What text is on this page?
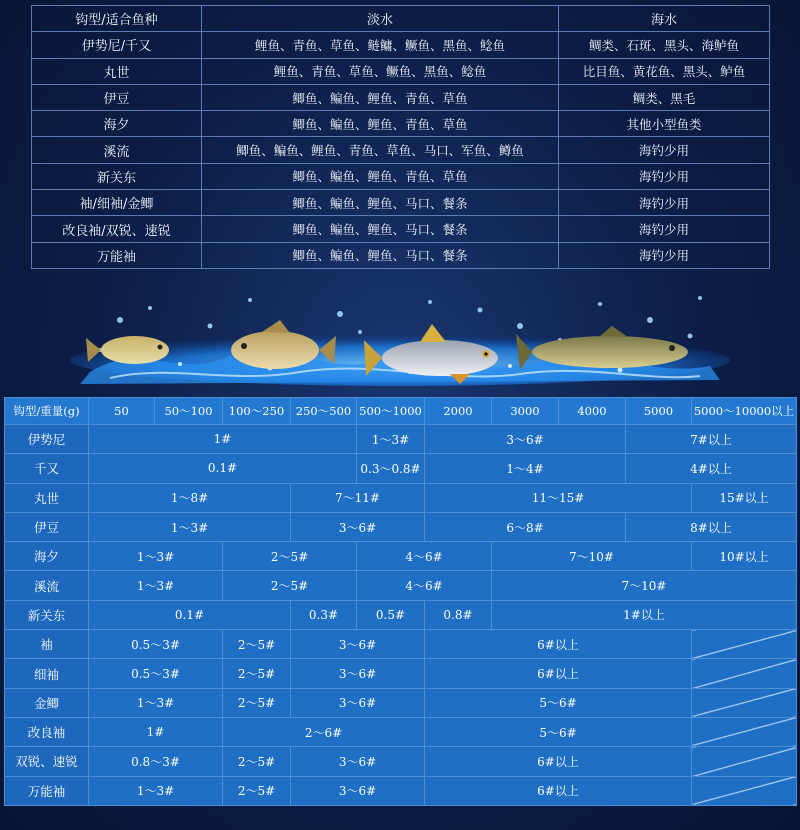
钩型/适合鱼种	淡水	海水
伊势尼/千又	鲤鱼、青鱼、草鱼、鲢鳙、鳜鱼、黑鱼、鲶鱼	鲷类、石斑、黑头、海鲈鱼
丸世	鲤鱼、青鱼、草鱼、鳜鱼、黑鱼、鲶鱼	比目鱼、黄花鱼、黑头、鲈鱼
伊豆	鲫鱼、鳊鱼、鲤鱼、青鱼、草鱼	鲷类、黑毛
海夕	鲫鱼、鳊鱼、鲤鱼、青鱼、草鱼	其他小型鱼类
溪流	鲫鱼、鳊鱼、鲤鱼、青鱼、草鱼、马口、军鱼、鳟鱼	海钓少用
新关东	鲫鱼、鳊鱼、鲤鱼、青鱼、草鱼	海钓少用
袖/细袖/金鲫	鲫鱼、鳊鱼、鲤鱼、马口、餐条	海钓少用
改良袖/双锐、速锐	鲫鱼、鳊鱼、鲤鱼、马口、餐条	海钓少用
万能袖	鲫鱼、鳊鱼、鲤鱼、马口、餐条	海钓少用
钩型/重量(g)	50	50～100	100～250	250～500	500～1000	2000	3000	4000	5000	5000～10000以上
伊势尼	1#				1～3#	3～6#			7#以上	
千又	0.1#				0.3～0.8#	1～4#			4#以上	
丸世	1～8#			7～11#		11～15#				15#以上
伊豆	1～3#			3～6#		6～8#			8#以上	
海夕	1～3#		2～5#		4～6#		7～10#			10#以上
溪流	1～3#		2～5#		4～6#		7～10#			
新关东	0.1#			0.3#	0.5#	0.8#	1#以上			
袖	0.5～3#		2～5#	3～6#		6#以上				
细袖	0.5～3#		2～5#	3～6#		6#以上				
金鲫	1～3#		2～5#	3～6#		5～6#				
改良袖	1#		2～6#			5～6#				
双锐、速锐	0.8～3#		2～5#	3～6#		6#以上				
万能袖	1～3#		2～5#	3～6#		6#以上				
